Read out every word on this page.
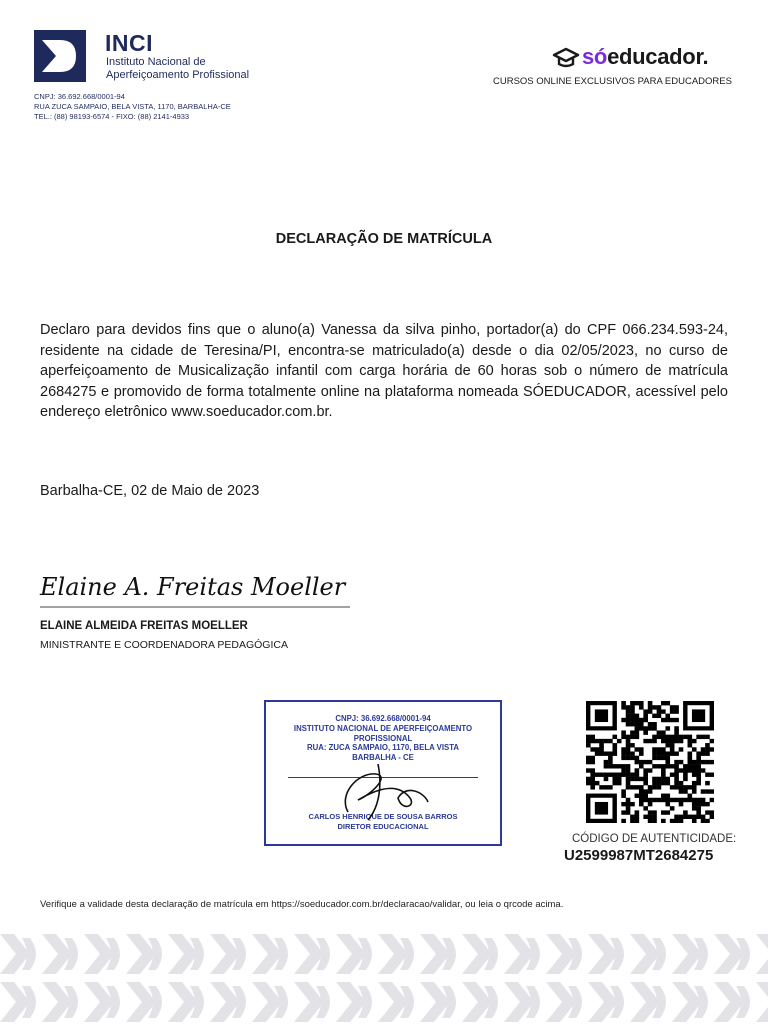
INCI
Instituto Nacional de Aperfeiçoamento Profissional
CNPJ: 36.692.668/0001-94
RUA ZUCA SAMPAIO, BELA VISTA, 1170, BARBALHA-CE
TEL.: (88) 98193-6574 - FIXO: (88) 2141-4933
sóeducador.
CURSOS ONLINE EXCLUSIVOS PARA EDUCADORES
DECLARAÇÃO DE MATRÍCULA
Declaro para devidos fins que o aluno(a) Vanessa da silva pinho, portador(a) do CPF 066.234.593-24, residente na cidade de Teresina/PI, encontra-se matriculado(a) desde o dia 02/05/2023, no curso de aperfeiçoamento de Musicalização infantil com carga horária de 60 horas sob o número de matrícula 2684275 e promovido de forma totalmente online na plataforma nomeada SÓEDUCADOR, acessível pelo endereço eletrônico www.soeducador.com.br.
Barbalha-CE, 02 de Maio de 2023
Elaine A. Freitas Moeller
ELAINE ALMEIDA FREITAS MOELLER
MINISTRANTE E COORDENADORA PEDAGÓGICA
CNPJ: 36.692.668/0001-94
INSTITUTO NACIONAL DE APERFEIÇOAMENTO
PROFISSIONAL
RUA: ZUCA SAMPAIO, 1170, BELA VISTA
BARBALHA - CE
CARLOS HENRIQUE DE SOUSA BARROS
DIRETOR EDUCACIONAL
CÓDIGO DE AUTENTICIDADE:
U2599987MT2684275
Verifique a validade desta declaração de matrícula em https://soeducador.com.br/declaracao/validar, ou leia o qrcode acima.
